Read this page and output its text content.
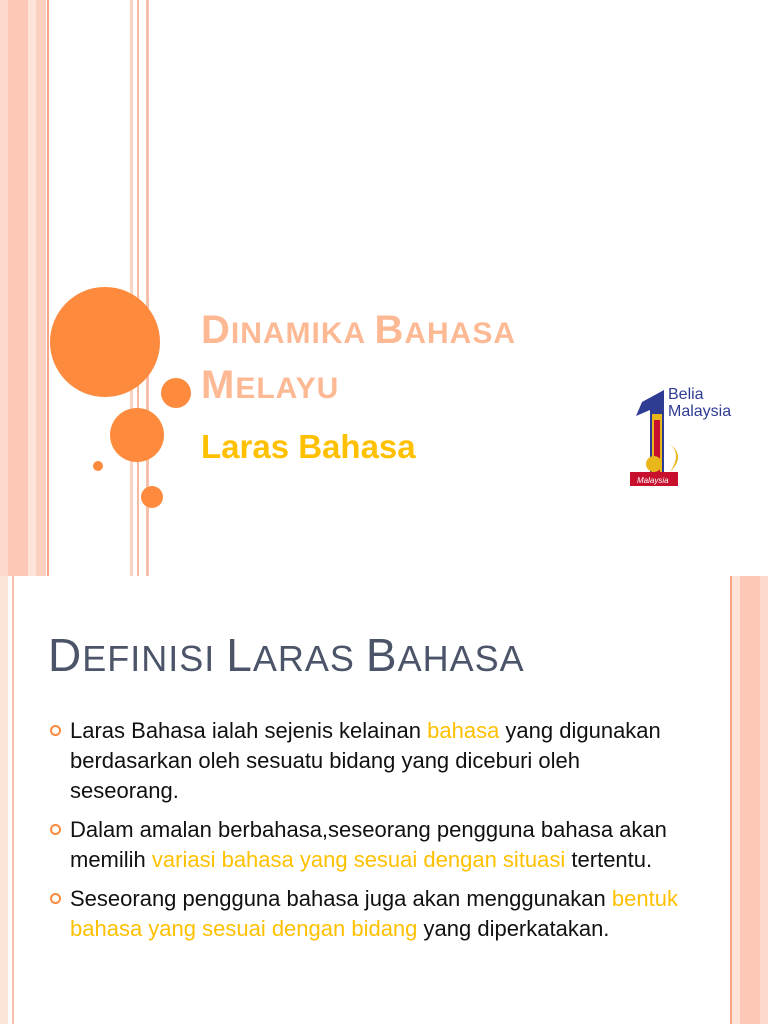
DINAMIKA BAHASA
MELAYU
Laras Bahasa
Belia
Malaysia
Malaysia
DEFINISI LARAS BAHASA
Laras Bahasa ialah sejenis kelainan bahasa yang digunakan berdasarkan oleh sesuatu bidang yang diceburi oleh seseorang.
Dalam amalan berbahasa,seseorang pengguna bahasa akan memilih variasi bahasa yang sesuai dengan situasi tertentu.
Seseorang pengguna bahasa juga akan menggunakan bentuk bahasa yang sesuai dengan bidang yang diperkatakan.
